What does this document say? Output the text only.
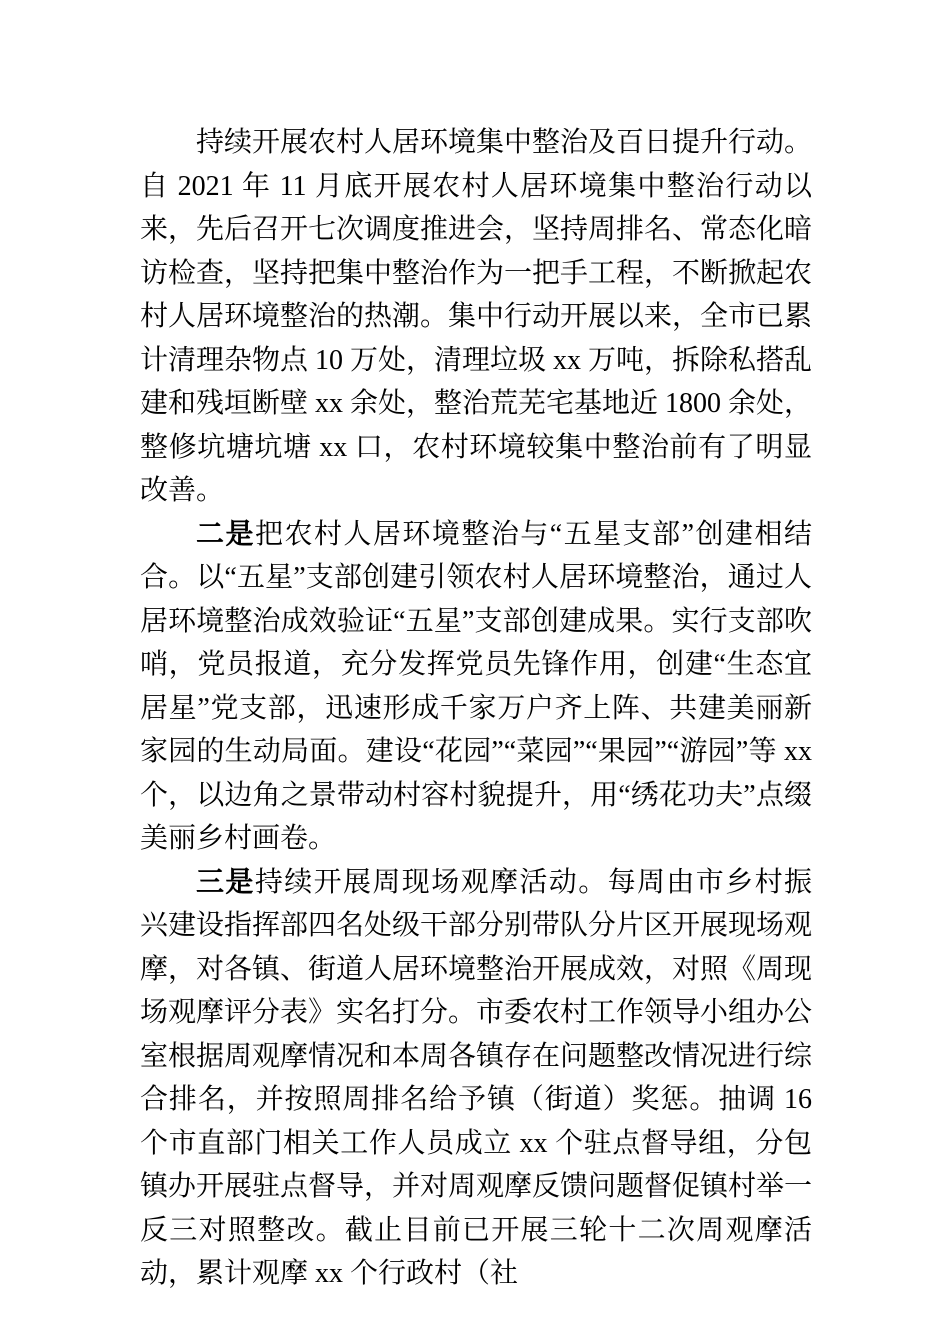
持续开展农村人居环境集中整治及百日提升行动。自 2021 年 11 月底开展农村人居环境集中整治行动以来，先后召开七次调度推进会，坚持周排名、常态化暗访检查，坚持把集中整治作为一把手工程，不断掀起农村人居环境整治的热潮。集中行动开展以来，全市已累计清理杂物点 10 万处，清理垃圾 xx 万吨，拆除私搭乱建和残垣断壁 xx 余处，整治荒芜宅基地近 1800 余处，整修坑塘坑塘 xx 口，农村环境较集中整治前有了明显改善。

二是把农村人居环境整治与“五星支部”创建相结合。以“五星”支部创建引领农村人居环境整治，通过人居环境整治成效验证“五星”支部创建成果。实行支部吹哨，党员报道，充分发挥党员先锋作用，创建“生态宜居星”党支部，迅速形成千家万户齐上阵、共建美丽新家园的生动局面。建设“花园”“菜园”“果园”“游园”等 xx 个，以边角之景带动村容村貌提升，用“绣花功夫”点缀美丽乡村画卷。

三是持续开展周现场观摩活动。每周由市乡村振兴建设指挥部四名处级干部分别带队分片区开展现场观摩，对各镇、街道人居环境整治开展成效，对照《周现场观摩评分表》实名打分。市委农村工作领导小组办公室根据周观摩情况和本周各镇存在问题整改情况进行综合排名，并按照周排名给予镇（街道）奖惩。抽调 16 个市直部门相关工作人员成立 xx 个驻点督导组，分包镇办开展驻点督导，并对周观摩反馈问题督促镇村举一反三对照整改。截止目前已开展三轮十二次周观摩活动，累计观摩 xx 个行政村（社
